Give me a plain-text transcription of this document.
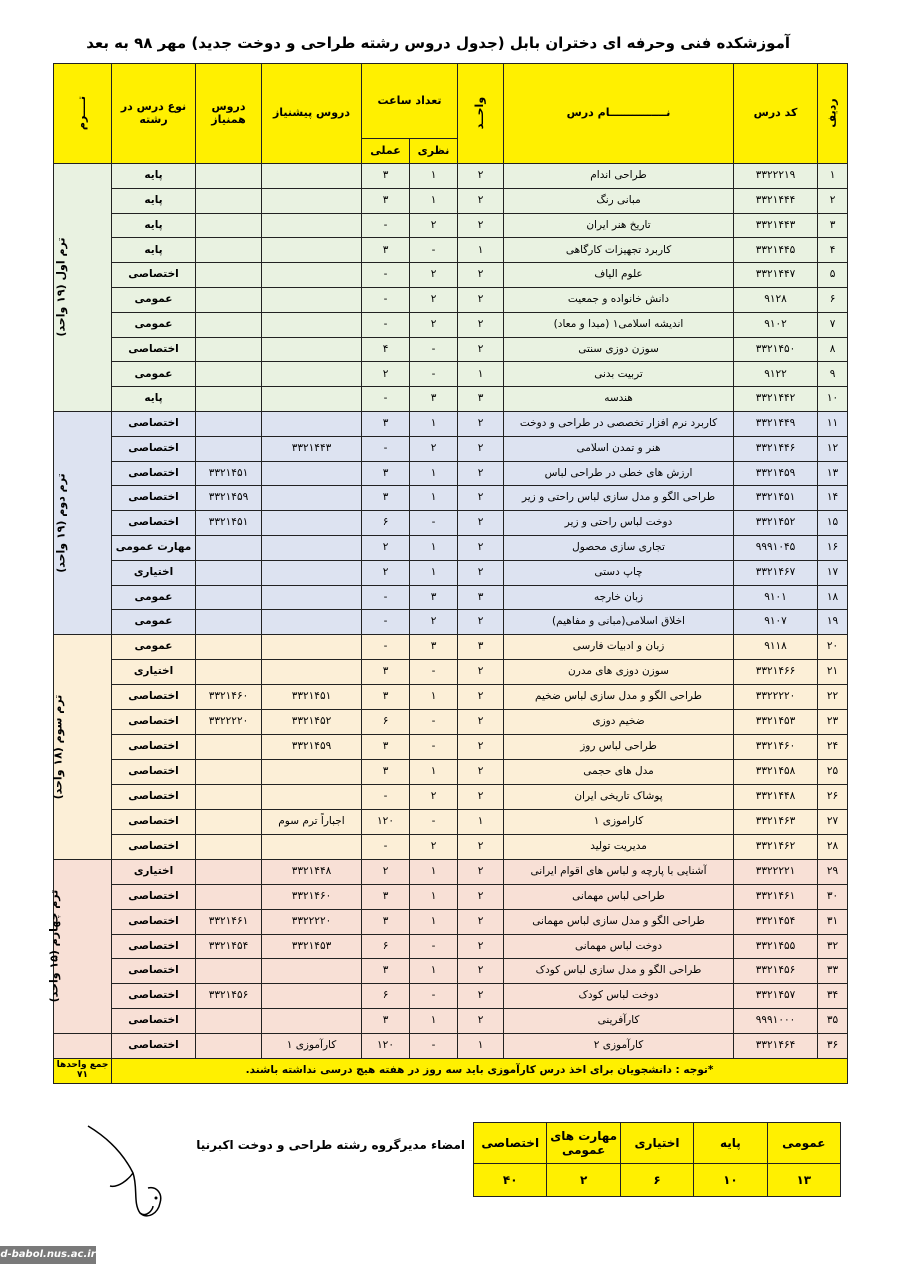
آموزشکده فنی وحرفه ای دختران بابل (جدول دروس رشته طراحی و دوخت جدید) مهر ۹۸ به بعد
ردیف	کد درس	نـــــــــــــــام درس	واحــد	تعداد ساعت		دروس پیشنیاز	دروس همنیاز	نوع درس در رشته	تــــرم
				نظری	عملی				
۱	۳۳۲۲۲۱۹	طراحی اندام	۲	۱	۳			پایه	ترم اول (۱۹ واحد)
۲	۳۳۲۱۴۴۴	مبانی رنگ	۲	۱	۳			پایه	
۳	۳۳۲۱۴۴۳	تاریخ هنر ایران	۲	۲	-			پایه	
۴	۳۳۲۱۴۴۵	کاربرد تجهیزات کارگاهی	۱	-	۳			پایه	
۵	۳۳۲۱۴۴۷	علوم الیاف	۲	۲	-			اختصاصی	
۶	۹۱۲۸	دانش خانواده و جمعیت	۲	۲	-			عمومی	
۷	۹۱۰۲	اندیشه اسلامی۱ (مبدا و معاد)	۲	۲	-			عمومی	
۸	۳۳۲۱۴۵۰	سوزن دوزی سنتی	۲	-	۴			اختصاصی	
۹	۹۱۲۲	تربیت بدنی	۱	-	۲			عمومی	
۱۰	۳۳۲۱۴۴۲	هندسه	۳	۳	-			پایه	
۱۱	۳۳۲۱۴۴۹	کاربرد نرم افزار تخصصی در طراحی و دوخت	۲	۱	۳			اختصاصی	ترم دوم (۱۹ واحد)
۱۲	۳۳۲۱۴۴۶	هنر و تمدن اسلامی	۲	۲	-	۳۳۲۱۴۴۳		اختصاصی	
۱۳	۳۳۲۱۴۵۹	ارزش های خطی در طراحی لباس	۲	۱	۳		۳۳۲۱۴۵۱	اختصاصی	
۱۴	۳۳۲۱۴۵۱	طراحی الگو و مدل سازی لباس راحتی و زیر	۲	۱	۳		۳۳۲۱۴۵۹	اختصاصی	
۱۵	۳۳۲۱۴۵۲	دوخت لباس راحتی و زیر	۲	-	۶		۳۳۲۱۴۵۱	اختصاصی	
۱۶	۹۹۹۱۰۴۵	تجاری سازی محصول	۲	۱	۲			مهارت عمومی	
۱۷	۳۳۲۱۴۶۷	چاپ دستی	۲	۱	۲			اختیاری	
۱۸	۹۱۰۱	زبان خارجه	۳	۳	-			عمومی	
۱۹	۹۱۰۷	اخلاق اسلامی(مبانی و مفاهیم)	۲	۲	-			عمومی	
۲۰	۹۱۱۸	زبان و ادبیات فارسی	۳	۳	-			عمومی	ترم سوم (۱۸ واحد)
۲۱	۳۳۲۱۴۶۶	سوزن دوزی های مدرن	۲	-	۳			اختیاری	
۲۲	۳۳۲۲۲۲۰	طراحی الگو و مدل سازی لباس ضخیم	۲	۱	۳	۳۳۲۱۴۵۱	۳۳۲۱۴۶۰	اختصاصی	
۲۳	۳۳۲۱۴۵۳	ضخیم دوزی	۲	-	۶	۳۳۲۱۴۵۲	۳۳۲۲۲۲۰	اختصاصی	
۲۴	۳۳۲۱۴۶۰	طراحی لباس روز	۲	-	۳	۳۳۲۱۴۵۹		اختصاصی	
۲۵	۳۳۲۱۴۵۸	مدل های حجمی	۲	۱	۳			اختصاصی	
۲۶	۳۳۲۱۴۴۸	پوشاک تاریخی ایران	۲	۲	-			اختصاصی	
۲۷	۳۳۲۱۴۶۳	کاراموزی ۱	۱	-	۱۲۰	اجباراً ترم سوم		اختصاصی	
۲۸	۳۳۲۱۴۶۲	مدیریت تولید	۲	۲	-			اختصاصی	
۲۹	۳۳۲۲۲۲۱	آشنایی با پارچه و لباس های اقوام ایرانی	۲	۱	۲	۳۳۲۱۴۴۸		اختیاری	ترم چهارم (۱۵ واحد)
۳۰	۳۳۲۱۴۶۱	طراحی لباس مهمانی	۲	۱	۳	۳۳۲۱۴۶۰		اختصاصی	
۳۱	۳۳۲۱۴۵۴	طراحی الگو و مدل سازی لباس مهمانی	۲	۱	۳	۳۳۲۲۲۲۰	۳۳۲۱۴۶۱	اختصاصی	
۳۲	۳۳۲۱۴۵۵	دوخت لباس مهمانی	۲	-	۶	۳۳۲۱۴۵۳	۳۳۲۱۴۵۴	اختصاصی	
۳۳	۳۳۲۱۴۵۶	طراحی الگو و مدل سازی لباس کودک	۲	۱	۳			اختصاصی	
۳۴	۳۳۲۱۴۵۷	دوخت لباس کودک	۲	-	۶		۳۳۲۱۴۵۶	اختصاصی	
۳۵	۹۹۹۱۰۰۰	کارآفرینی	۲	۱	۳			اختصاصی	
۳۶	۳۳۲۱۴۶۴	کارآموزی ۲	۱	-	۱۲۰	کارآموزی ۱		اختصاصی	
*توجه : دانشجویان برای اخذ درس کارآموزی باید سه روز در هفته هیچ درسی نداشته باشند.									جمع واحدها ۷۱
امضاء مدیرگروه رشته طراحی و دوخت اکبرنیا	عمومی	پایه	اختیاری	مهارت های عمومی	اختصاصی
۱۳	۱۰	۶	۲	۴۰
d-babol.nus.ac.ir
